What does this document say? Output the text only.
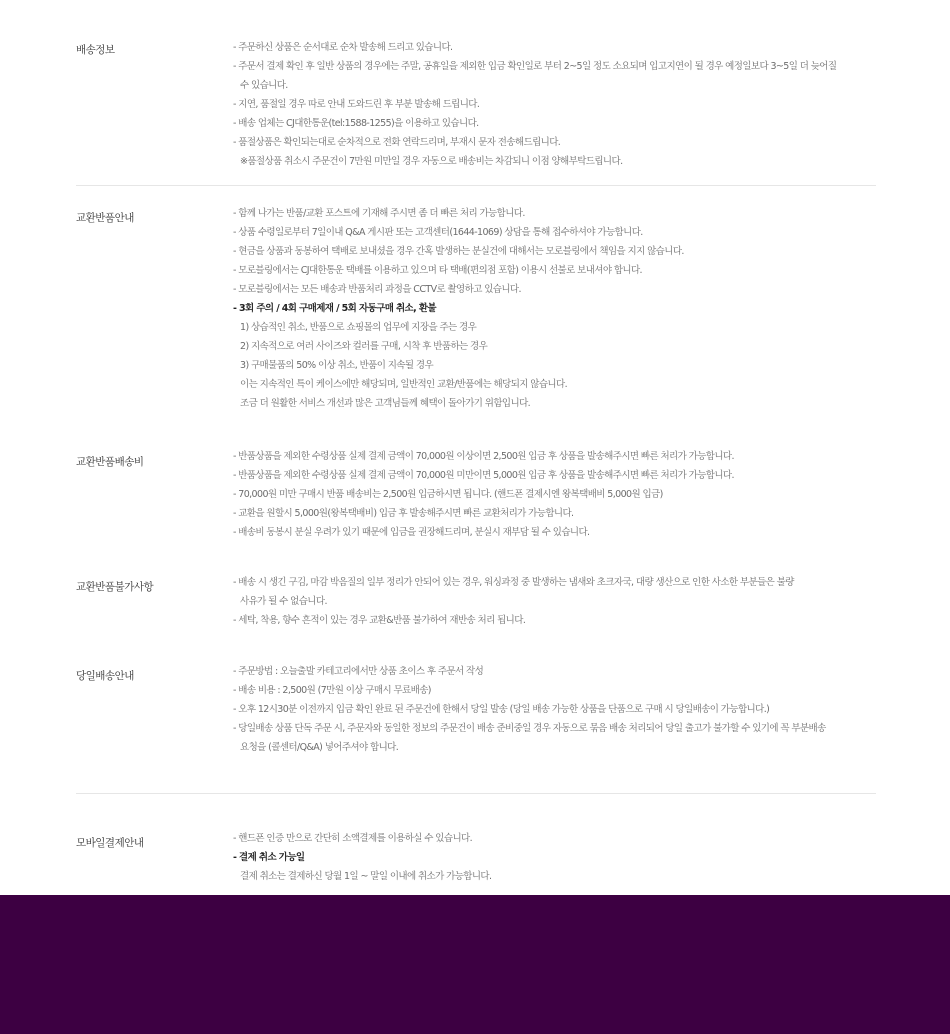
배송정보	- 주문하신 상품은 순서대로 순차 발송해 드리고 있습니다.
- 주문서 결제 확인 후 일반 상품의 경우에는 주말, 공휴일을 제외한 입금 확인일로 부터 2~5일 정도 소요되며 입고지연이 될 경우 예정일보다 3~5일 더 늦어질
수 있습니다.
- 지연, 품절일 경우 따로 안내 도와드린 후 부분 발송해 드립니다.
- 배송 업체는 CJ대한통운(tel:1588-1255)을 이용하고 있습니다.
- 품절상품은 확인되는대로 순차적으로 전화 연락드리며, 부재시 문자 전송해드립니다.
※품절상품 취소시 주문건이 7만원 미만일 경우 자동으로 배송비는 차감되니 이점 양해부탁드립니다.
교환반품안내	- 함께 나가는 반품/교환 포스트에 기재해 주시면 좀 더 빠른 처리 가능합니다.
- 상품 수령일로부터 7일이내 Q&A 게시판 또는 고객센터(1644-1069) 상담을 통해 접수하셔야 가능합니다.
- 현금을 상품과 동봉하여 택배로 보내셨을 경우 간혹 발생하는 분실건에 대해서는 모로블링에서 책임을 지지 않습니다.
- 모로블링에서는 CJ대한통운 택배를 이용하고 있으며 타 택배(편의점 포함) 이용시 선불로 보내셔야 합니다.
- 모로블링에서는 모든 배송과 반품처리 과정을 CCTV로 촬영하고 있습니다.
- 3회 주의 / 4회 구매제재 / 5회 자동구매 취소, 환불
1) 상습적인 취소, 반품으로 쇼핑몰의 업무에 지장을 주는 경우
2) 지속적으로 여러 사이즈와 컬러를 구매, 시착 후 반품하는 경우
3) 구매물품의 50% 이상 취소, 반품이 지속될 경우
이는 지속적인 특이 케이스에만 해당되며, 일반적인 교환/반품에는 해당되지 않습니다.
조금 더 원활한 서비스 개선과 많은 고객님들께 혜택이 돌아가기 위함입니다.
교환반품배송비	- 반품상품을 제외한 수령상품 실제 결제 금액이 70,000원 이상이면 2,500원 입금 후 상품을 발송해주시면 빠른 처리가 가능합니다.
- 반품상품을 제외한 수령상품 실제 결제 금액이 70,000원 미만이면 5,000원 입금 후 상품을 발송해주시면 빠른 처리가 가능합니다.
- 70,000원 미만 구매시 반품 배송비는 2,500원 입금하시면 됩니다. (핸드폰 결제시엔 왕복택배비 5,000원 입금)
- 교환을 원할시 5,000원(왕복택배비) 입금 후 발송해주시면 빠른 교환처리가 가능합니다.
- 배송비 동봉시 분실 우려가 있기 때문에 입금을 권장해드리며, 분실시 재부담 될 수 있습니다.
교환반품불가사항	- 배송 시 생긴 구김, 마감 박음질의 일부 정리가 안되어 있는 경우, 워싱과정 중 발생하는 냄새와 초크자국, 대량 생산으로 인한 사소한 부분들은 불량
사유가 될 수 없습니다.
- 세탁, 착용, 향수 흔적이 있는 경우 교환&반품 불가하여 재반송 처리 됩니다.
당일배송안내	- 주문방법 : 오늘출발 카테고리에서만 상품 초이스 후 주문서 작성
- 배송 비용 : 2,500원 (7만원 이상 구매시 무료배송)
- 오후 12시30분 이전까지 입금 확인 완료 된 주문건에 한해서 당일 발송 (당일 배송 가능한 상품을 단품으로 구매 시 당일배송이 가능합니다.)
- 당일배송 상품 단독 주문 시, 주문자와 동일한 정보의 주문건이 배송 준비중일 경우 자동으로 묶음 배송 처리되어 당일 출고가 불가할 수 있기에 꼭 부분배송
요청을 (콜센터/Q&A) 넣어주셔야 합니다.
모바일결제안내	- 핸드폰 인증 만으로 간단히 소액결제를 이용하실 수 있습니다.
- 결제 취소 가능일
결제 취소는 결제하신 당월 1일 ~ 말일 이내에 취소가 가능합니다.
